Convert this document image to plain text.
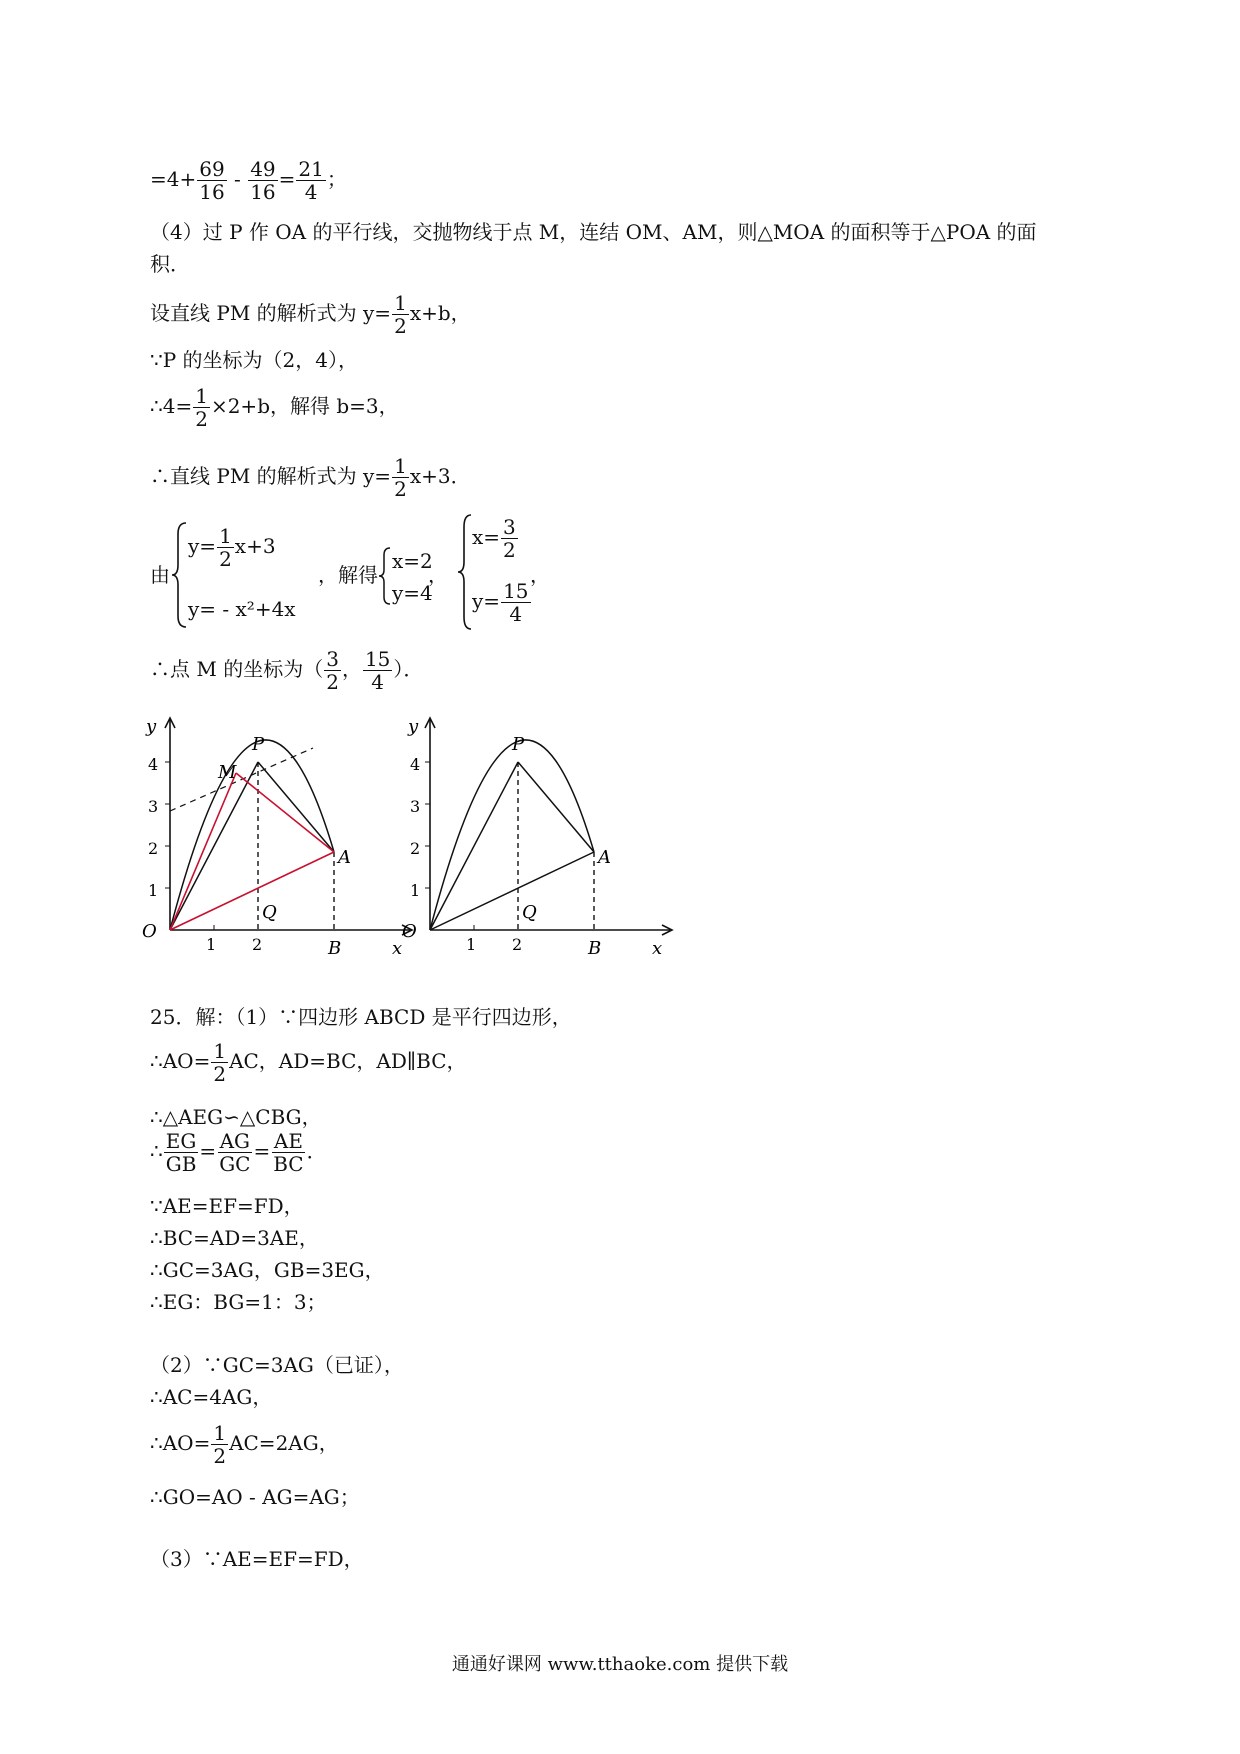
$=4+ \frac{69}{16} - \frac{49}{16} = \frac{21}{4}$ ；
（4）过 P 作 OA 的平行线，交抛物线于点 M，连结 OM、AM，则△MOA 的面积等于△POA 的面
积．
设直线 PM 的解析式为 $y= \frac{1}{2} x+b$，
∵P 的坐标为（2，4），
∴4= $\frac{1}{2} \times 2+b$，解得 b=3，
∴直线 PM 的解析式为 $y= \frac{1}{2} x+3$．
由
$y= \frac{1}{2} x+3$
y= - x²+4x
，解得
x=2
y=4
，
$x= \frac{3}{2}$
$y= \frac{15}{4}$
，
∴点 M 的坐标为（ $\frac{3}{2}$ ， $\frac{15}{4}$ ）．
O
y
1
2
3
4
1 2	B	x
P
M
A
Q
O
y
1
2
3
4
1 2	B	x
P
A
Q
25．解：（1）∵四边形 ABCD 是平行四边形，
∴AO= $\frac{1}{2}$ AC，AD=BC，AD∥BC，
∴△AEG∽△CBG，
∴ $\frac{EG}{GB} = \frac{AG}{GC} = \frac{AE}{BC}$ ．
∵AE=EF=FD，
∴BC=AD=3AE，
∴GC=3AG，GB=3EG，
∴EG：BG=1：3；
（2）∵GC=3AG（已证），
∴AC=4AG，
∴AO= $\frac{1}{2} AC=2AG$，
∴GO=AO - AG=AG；
（3）∵AE=EF=FD，
通通好课网 www.tthaoke.com 提供下载
